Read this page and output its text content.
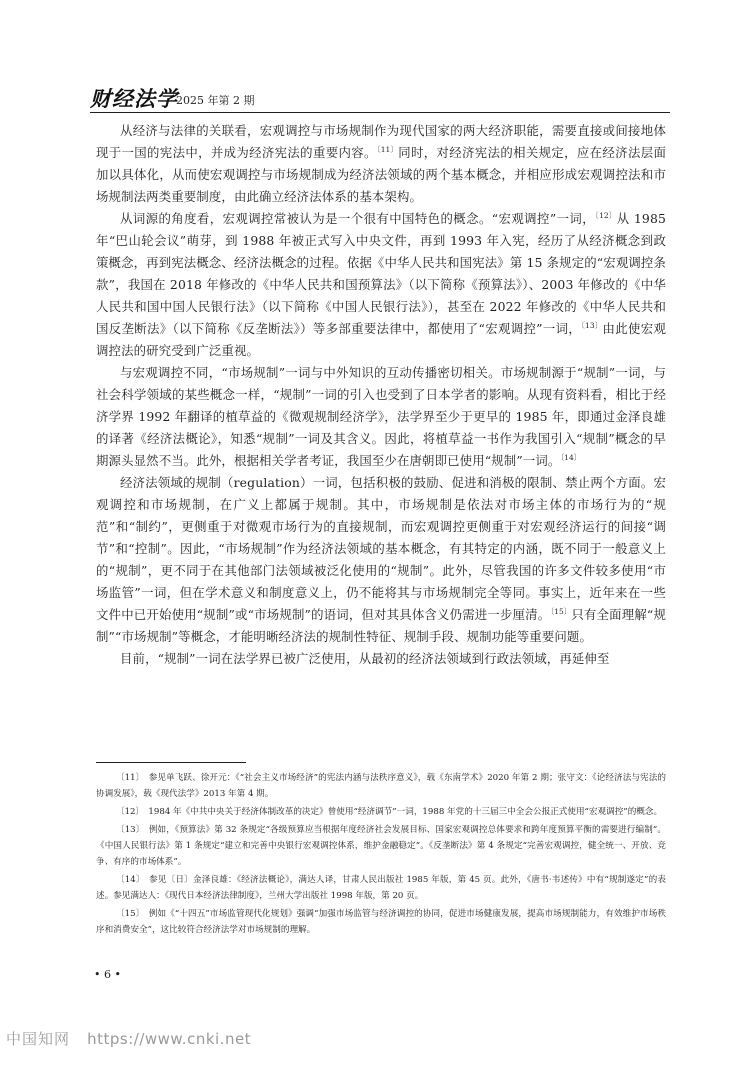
财经法学
2025 年第 2 期

从经济与法律的关联看，宏观调控与市场规制作为现代国家的两大经济职能，需要直接或间接地体现于一国的宪法中，并成为经济宪法的重要内容。$^{〔11〕}$同时，对经济宪法的相关规定，应在经济法层面加以具体化，从而使宏观调控与市场规制成为经济法领域的两个基本概念，并相应形成宏观调控法和市场规制法两类重要制度，由此确立经济法体系的基本架构。

从词源的角度看，宏观调控常被认为是一个很有中国特色的概念。“宏观调控”一词，$^{〔12〕}$从 1985 年“巴山轮会议”萌芽，到 1988 年被正式写入中央文件，再到 1993 年入宪，经历了从经济概念到政策概念，再到宪法概念、经济法概念的过程。依据《中华人民共和国宪法》第 15 条规定的“宏观调控条款”，我国在 2018 年修改的《中华人民共和国预算法》（以下简称《预算法》）、2003 年修改的《中华人民共和国中国人民银行法》（以下简称《中国人民银行法》），甚至在 2022 年修改的《中华人民共和国反垄断法》（以下简称《反垄断法》）等多部重要法律中，都使用了“宏观调控”一词，$^{〔13〕}$由此使宏观调控法的研究受到广泛重视。

与宏观调控不同，“市场规制”一词与中外知识的互动传播密切相关。市场规制源于“规制”一词，与社会科学领域的某些概念一样，“规制”一词的引入也受到了日本学者的影响。从现有资料看，相比于经济学界 1992 年翻译的植草益的《微观规制经济学》，法学界至少于更早的 1985 年，即通过金泽良雄的译著《经济法概论》，知悉“规制”一词及其含义。因此，将植草益一书作为我国引入“规制”概念的早期源头显然不当。此外，根据相关学者考证，我国至少在唐朝即已使用“规制”一词。$^{〔14〕}$

经济法领域的规制（regulation）一词，包括积极的鼓励、促进和消极的限制、禁止两个方面。宏观调控和市场规制，在广义上都属于规制。其中，市场规制是依法对市场主体的市场行为的“规范”和“制约”，更侧重于对微观市场行为的直接规制，而宏观调控更侧重于对宏观经济运行的间接“调节”和“控制”。因此，“市场规制”作为经济法领域的基本概念，有其特定的内涵，既不同于一般意义上的“规制”，更不同于在其他部门法领域被泛化使用的“规制”。此外，尽管我国的许多文件较多使用“市场监管”一词，但在学术意义和制度意义上，仍不能将其与市场规制完全等同。事实上，近年来在一些文件中已开始使用“规制”或“市场规制”的语词，但对其具体含义仍需进一步厘清。$^{〔15〕}$只有全面理解“规制”“市场规制”等概念，才能明晰经济法的规制性特征、规制手段、规制功能等重要问题。

目前，“规制”一词在法学界已被广泛使用，从最初的经济法领域到行政法领域，再延伸至

〔11〕　参见单飞跃、徐开元：《“社会主义市场经济”的宪法内涵与法秩序意义》，载《东南学术》2020 年第 2 期；张守文：《论经济法与宪法的协调发展》，载《现代法学》2013 年第 4 期。

〔12〕　1984 年《中共中央关于经济体制改革的决定》曾使用“经济调节”一词，1988 年党的十三届三中全会公报正式使用“宏观调控”的概念。

〔13〕　例如，《预算法》第 32 条规定“各级预算应当根据年度经济社会发展目标、国家宏观调控总体要求和跨年度预算平衡的需要进行编制”。《中国人民银行法》第 1 条规定“建立和完善中央银行宏观调控体系，维护金融稳定”。《反垄断法》第 4 条规定“完善宏观调控，健全统一、开放、竞争、有序的市场体系”。

〔14〕　参见〔日〕金泽良雄：《经济法概论》，满达人译，甘肃人民出版社 1985 年版，第 45 页。此外，《唐书·韦述传》中有“规制遂定”的表述。参见满达人：《现代日本经济法律制度》，兰州大学出版社 1998 年版，第 20 页。

〔15〕　例如《“十四五”市场监管现代化规划》强调“加强市场监管与经济调控的协同，促进市场健康发展，提高市场规制能力，有效维护市场秩序和消费安全”，这比较符合经济法学对市场规制的理解。

• 6 •
中国知网 https://www.cnki.net
